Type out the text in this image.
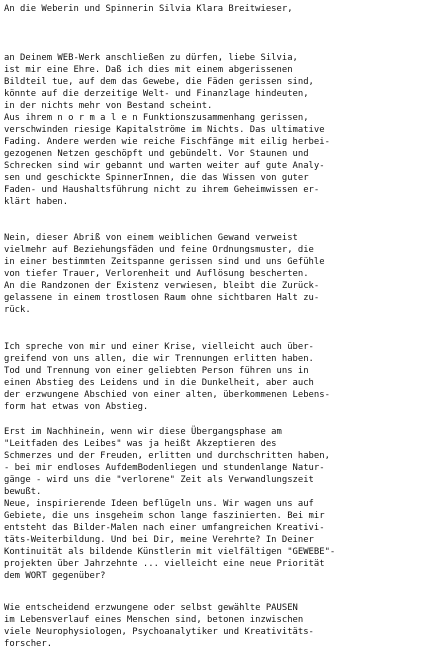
An die Weberin und Spinnerin Silvia Klara Breitwieser,

an Deinem WEB-Werk anschließen zu dürfen, liebe Silvia,

ist mir eine Ehre. Daß ich dies mit einem abgerissenen

Bildteil tue, auf dem das Gewebe, die Fäden gerissen sind,

könnte auf die derzeitige Welt- und Finanzlage hindeuten,

in der nichts mehr von Bestand scheint.

Aus ihrem n o r m a l e n Funktionszusammenhang gerissen,

verschwinden riesige Kapitalströme im Nichts. Das ultimative

Fading. Andere werden wie reiche Fischfänge mit eilig herbei-

gezogenen Netzen geschöpft und gebündelt. Vor Staunen und

Schrecken sind wir gebannt und warten weiter auf gute Analy-

sen und geschickte SpinnerInnen, die das Wissen von guter

Faden- und Haushaltsführung nicht zu ihrem Geheimwissen er-

klärt haben.

Nein, dieser Abriß von einem weiblichen Gewand verweist

vielmehr auf Beziehungsfäden und feine Ordnungsmuster, die

in einer bestimmten Zeitspanne gerissen sind und uns Gefühle

von tiefer Trauer, Verlorenheit und Auflösung bescherten.

An die Randzonen der Existenz verwiesen, bleibt die Zurück-

gelassene in einem trostlosen Raum ohne sichtbaren Halt zu-

rück.

Ich spreche von mir und einer Krise, vielleicht auch über-

greifend von uns allen, die wir Trennungen erlitten haben.

Tod und Trennung von einer geliebten Person führen uns in

einen Abstieg des Leidens und in die Dunkelheit, aber auch

der erzwungene Abschied von einer alten, überkommenen Lebens-

form hat etwas von Abstieg.

Erst im Nachhinein, wenn wir diese Übergangsphase am

"Leitfaden des Leibes" was ja heißt Akzeptieren des

Schmerzes und der Freuden, erlitten und durchschritten haben,

- bei mir endloses AufdemBodenliegen und stundenlange Natur-

gänge - wird uns die "verlorene" Zeit als Verwandlungszeit

bewußt.

Neue, inspirierende Ideen beflügeln uns. Wir wagen uns auf

Gebiete, die uns insgeheim schon lange faszinierten. Bei mir

entsteht das Bilder-Malen nach einer umfangreichen Kreativi-

täts-Weiterbildung. Und bei Dir, meine Verehrte? In Deiner

Kontinuität als bildende Künstlerin mit vielfältigen "GEWEBE"-

projekten über Jahrzehnte ... vielleicht eine neue Priorität

dem WORT gegenüber?

Wie entscheidend erzwungene oder selbst gewählte PAUSEN

im Lebensverlauf eines Menschen sind, betonen inzwischen

viele Neurophysiologen, Psychoanalytiker und Kreativitäts-

forscher.
